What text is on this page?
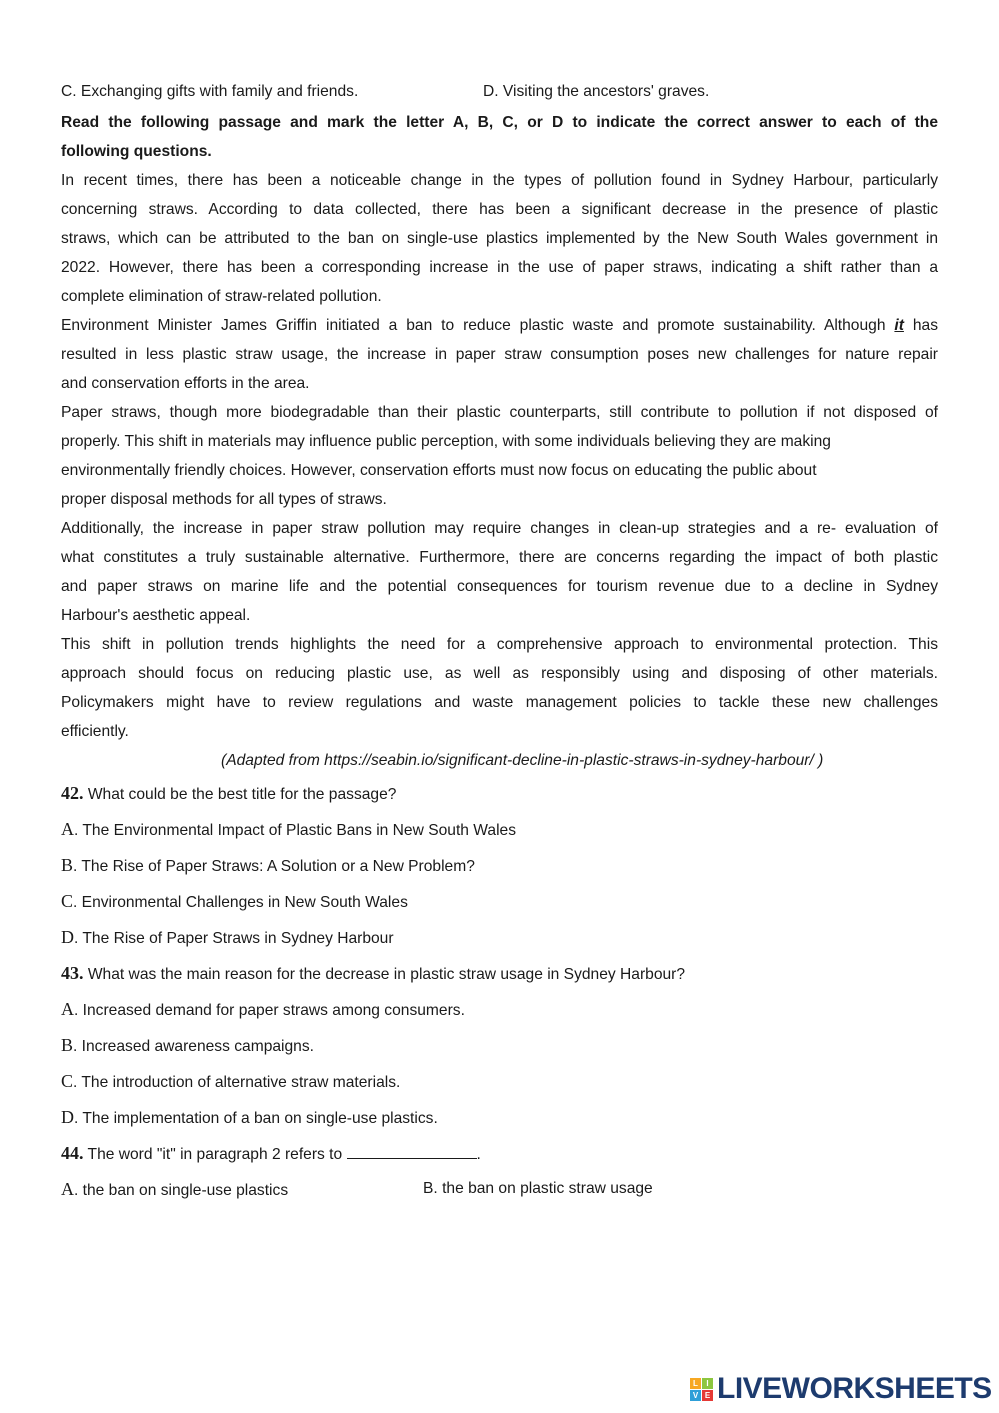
C. Exchanging gifts with family and friends.	D. Visiting the ancestors' graves.
Read the following passage and mark the letter A, B, C, or D to indicate the correct answer to each of the
following questions.
In recent times, there has been a noticeable change in the types of pollution found in Sydney Harbour, particularly
concerning straws. According to data collected, there has been a significant decrease in the presence of plastic
straws, which can be attributed to the ban on single-use plastics implemented by the New South Wales government in
2022. However, there has been a corresponding increase in the use of paper straws, indicating a shift rather than a
complete elimination of straw-related pollution.
Environment Minister James Griffin initiated a ban to reduce plastic waste and promote sustainability. Although it has
resulted in less plastic straw usage, the increase in paper straw consumption poses new challenges for nature repair
and conservation efforts in the area.
Paper straws, though more biodegradable than their plastic counterparts, still contribute to pollution if not disposed of
properly. This shift in materials may influence public perception, with some individuals believing they are making
environmentally friendly choices. However, conservation efforts must now focus on educating the public about
proper disposal methods for all types of straws.
Additionally, the increase in paper straw pollution may require changes in clean-up strategies and a re- evaluation of
what constitutes a truly sustainable alternative. Furthermore, there are concerns regarding the impact of both plastic
and paper straws on marine life and the potential consequences for tourism revenue due to a decline in Sydney
Harbour's aesthetic appeal.
This shift in pollution trends highlights the need for a comprehensive approach to environmental protection. This
approach should focus on reducing plastic use, as well as responsibly using and disposing of other materials.
Policymakers might have to review regulations and waste management policies to tackle these new challenges
efficiently.
(Adapted from https://seabin.io/significant-decline-in-plastic-straws-in-sydney-harbour/ )
42. What could be the best title for the passage?
A. The Environmental Impact of Plastic Bans in New South Wales
B. The Rise of Paper Straws: A Solution or a New Problem?
C. Environmental Challenges in New South Wales
D. The Rise of Paper Straws in Sydney Harbour
43. What was the main reason for the decrease in plastic straw usage in Sydney Harbour?
A. Increased demand for paper straws among consumers.
B. Increased awareness campaigns.
C. The introduction of alternative straw materials.
D. The implementation of a ban on single-use plastics.
44. The word "it" in paragraph 2 refers to	.
A. the ban on single-use plastics	B. the ban on plastic straw usage
L	I
V E LIVEWORKSHEETS
